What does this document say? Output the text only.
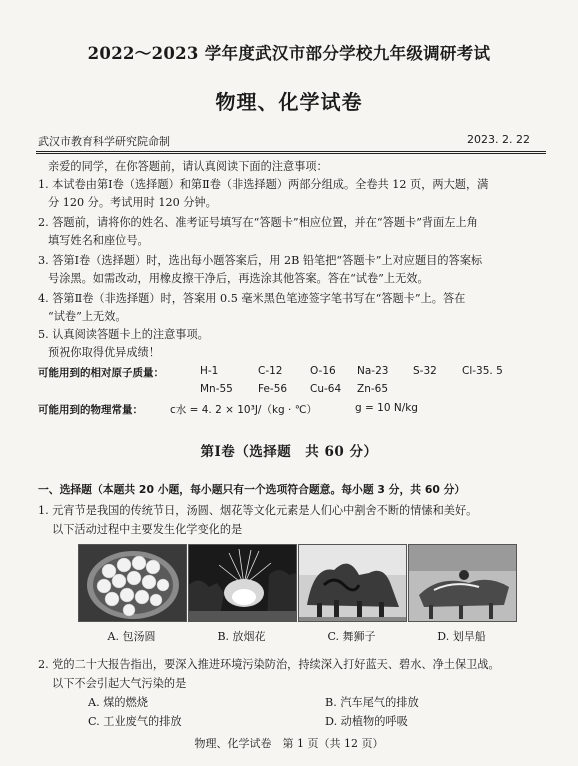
2022～2023 学年度武汉市部分学校九年级调研考试
物理、化学试卷
武汉市教育科学研究院命制	2023. 2. 22
亲爱的同学，在你答题前，请认真阅读下面的注意事项：
1. 本试卷由第Ⅰ卷（选择题）和第Ⅱ卷（非选择题）两部分组成。全卷共 12 页，两大题，满
分 120 分。考试用时 120 分钟。
2. 答题前，请将你的姓名、准考证号填写在“答题卡”相应位置，并在“答题卡”背面左上角
填写姓名和座位号。
3. 答第Ⅰ卷（选择题）时，选出每小题答案后，用 2B 铅笔把“答题卡”上对应题目的答案标
号涂黑。如需改动，用橡皮擦干净后，再选涂其他答案。答在“试卷”上无效。
4. 答第Ⅱ卷（非选择题）时，答案用 0.5 毫米黑色笔迹签字笔书写在“答题卡”上。答在
“试卷”上无效。
5. 认真阅读答题卡上的注意事项。
预祝你取得优异成绩！
可能用到的相对原子质量：	H-1	C-12	O-16 Na-23 S-32 Cl-35. 5
Mn-55 Fe-56 Cu-64 Zn-65
可能用到的物理常量：	c水 = 4. 2 × 10³J/（kg · ℃）	g = 10 N/kg
第Ⅰ卷（选择题　共 60 分）
一、选择题（本题共 20 小题，每小题只有一个选项符合题意。每小题 3 分，共 60 分）
1. 元宵节是我国的传统节日，汤圆、烟花等文化元素是人们心中割舍不断的情愫和美好。
以下活动过程中主要发生化学变化的是
A. 包汤圆	B. 放烟花	C. 舞狮子	D. 划旱船
2. 党的二十大报告指出，要深入推进环境污染防治，持续深入打好蓝天、碧水、净土保卫战。
以下不会引起大气污染的是
A. 煤的燃烧	B. 汽车尾气的排放
C. 工业废气的排放	D. 动植物的呼吸
物理、化学试卷　第 1 页（共 12 页）
